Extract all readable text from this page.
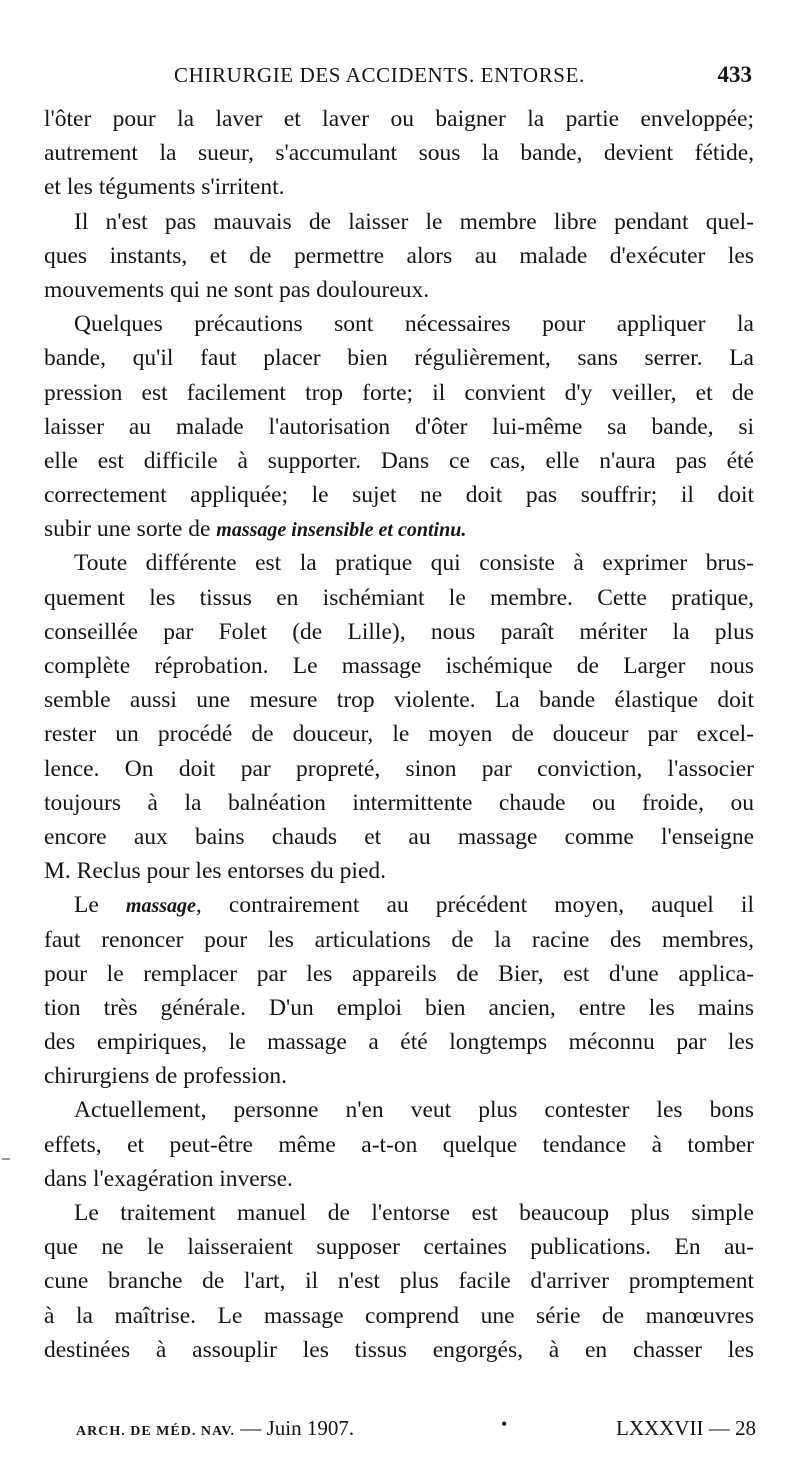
CHIRURGIE DES ACCIDENTS. ENTORSE.	433
l'ôter pour la laver et laver ou baigner la partie enveloppée;
autrement la sueur, s'accumulant sous la bande, devient fétide,
et les téguments s'irritent.
Il n'est pas mauvais de laisser le membre libre pendant quel-
ques instants, et de permettre alors au malade d'exécuter les
mouvements qui ne sont pas douloureux.
Quelques précautions sont nécessaires pour appliquer la
bande, qu'il faut placer bien régulièrement, sans serrer. La
pression est facilement trop forte; il convient d'y veiller, et de
laisser au malade l'autorisation d'ôter lui-même sa bande, si
elle est difficile à supporter. Dans ce cas, elle n'aura pas été
correctement appliquée; le sujet ne doit pas souffrir; il doit
subir une sorte de massage insensible et continu.
Toute différente est la pratique qui consiste à exprimer brus-
quement les tissus en ischémiant le membre. Cette pratique,
conseillée par Folet (de Lille), nous paraît mériter la plus
complète réprobation. Le massage ischémique de Larger nous
semble aussi une mesure trop violente. La bande élastique doit
rester un procédé de douceur, le moyen de douceur par excel-
lence. On doit par propreté, sinon par conviction, l'associer
toujours à la balnéation intermittente chaude ou froide, ou
encore aux bains chauds et au massage comme l'enseigne
M. Reclus pour les entorses du pied.
Le massage, contrairement au précédent moyen, auquel il
faut renoncer pour les articulations de la racine des membres,
pour le remplacer par les appareils de Bier, est d'une applica-
tion très générale. D'un emploi bien ancien, entre les mains
des empiriques, le massage a été longtemps méconnu par les
chirurgiens de profession.
Actuellement, personne n'en veut plus contester les bons
effets, et peut-être même a-t-on quelque tendance à tomber
dans l'exagération inverse.
Le traitement manuel de l'entorse est beaucoup plus simple
que ne le laisseraient supposer certaines publications. En au-
cune branche de l'art, il n'est plus facile d'arriver promptement
à la maîtrise. Le massage comprend une série de manœuvres
destinées à assouplir les tissus engorgés, à en chasser les
ARCH. DE MÉD. NAV. — Juin 1907.	•	LXXXVII — 28
